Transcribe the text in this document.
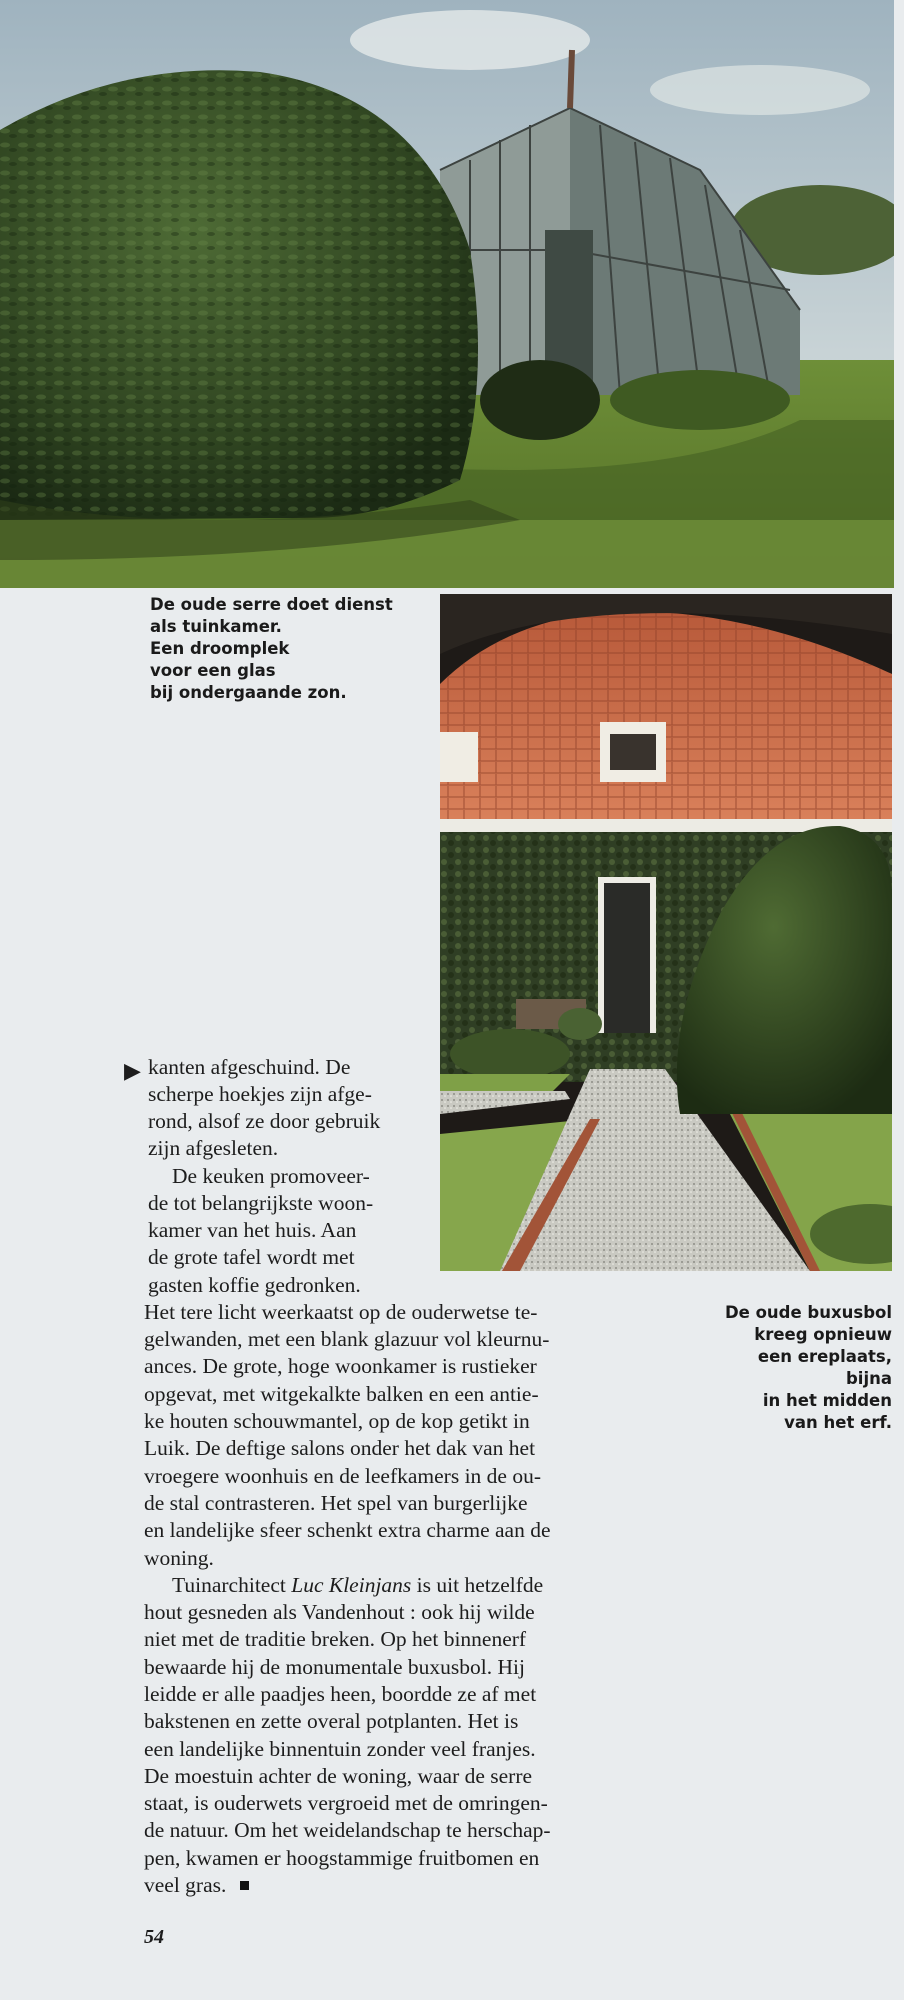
De oude serre doet dienst
als tuinkamer.
Een droomplek
voor een glas
bij ondergaande zon.

De oude buxusbol
kreeg opnieuw
een ereplaats,
bijna
in het midden
van het erf.

▶ kanten afgeschuind. De

scherpe hoekjes zijn afge-

rond, alsof ze door gebruik

zijn afgesleten.

De keuken promoveer-

de tot belangrijkste woon-

kamer van het huis. Aan

de grote tafel wordt met

gasten koffie gedronken.

Het tere licht weerkaatst op de ouderwetse te-

gelwanden, met een blank glazuur vol kleurnu-

ances. De grote, hoge woonkamer is rustieker

opgevat, met witgekalkte balken en een antie-

ke houten schouwmantel, op de kop getikt in

Luik. De deftige salons onder het dak van het

vroegere woonhuis en de leefkamers in de ou-

de stal contrasteren. Het spel van burgerlijke

en landelijke sfeer schenkt extra charme aan de

woning.

Tuinarchitect Luc Kleinjans is uit hetzelfde

hout gesneden als Vandenhout : ook hij wilde

niet met de traditie breken. Op het binnenerf

bewaarde hij de monumentale buxusbol. Hij

leidde er alle paadjes heen, boordde ze af met

bakstenen en zette overal potplanten. Het is

een landelijke binnentuin zonder veel franjes.

De moestuin achter de woning, waar de serre

staat, is ouderwets vergroeid met de omringen-

de natuur. Om het weidelandschap te herschap-

pen, kwamen er hoogstammige fruitbomen en

veel gras.

54
